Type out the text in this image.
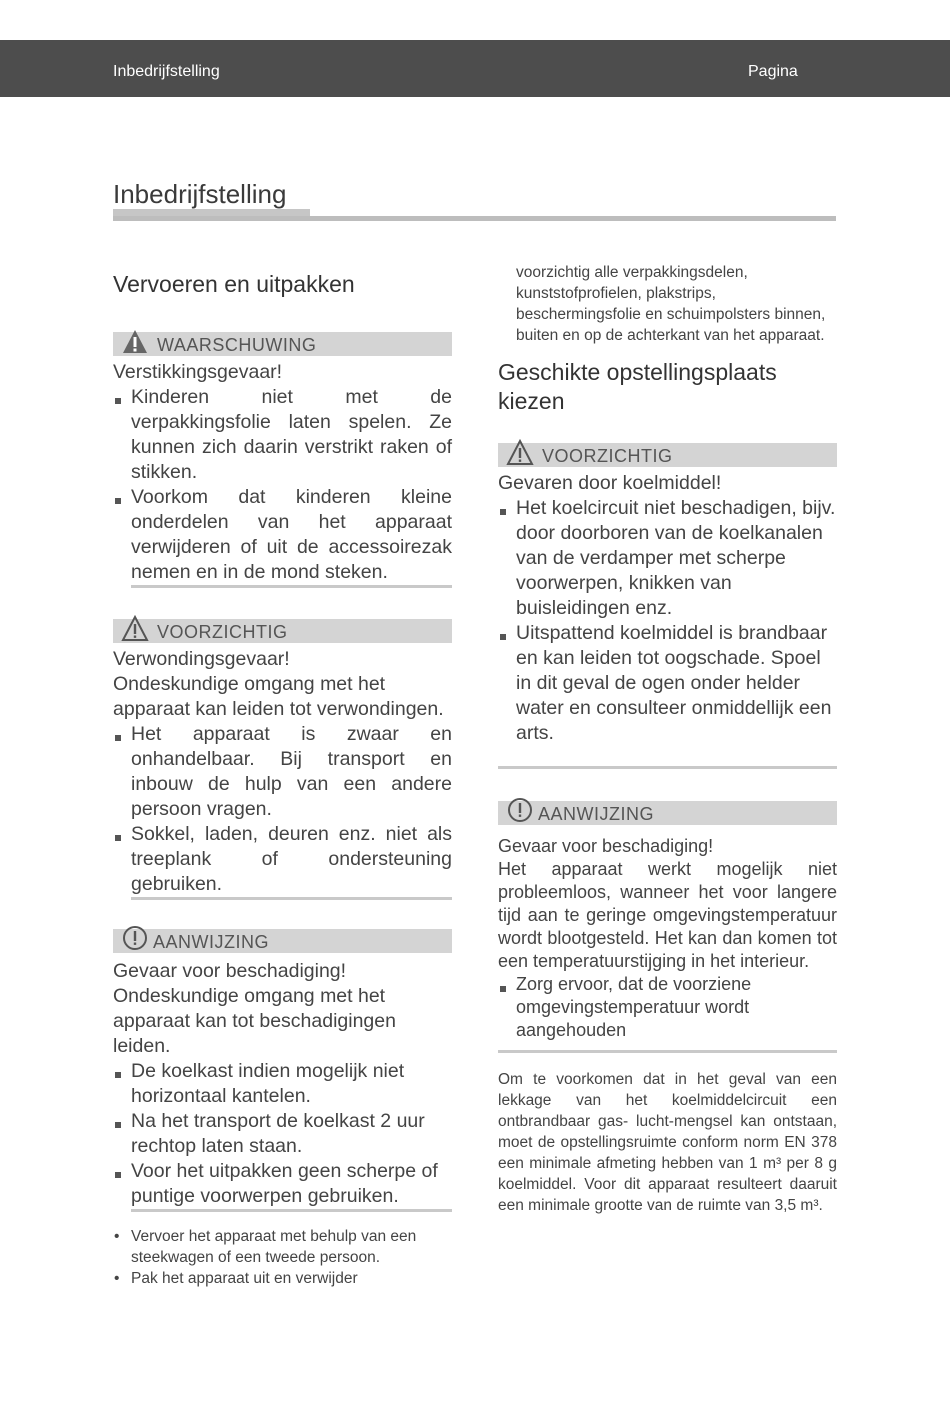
Inbedrijfstelling	Pagina
Inbedrijfstelling
Vervoeren en uitpakken
WAARSCHUWING
Verstikkingsgevaar!
Kinderen niet met de verpakkingsfolie laten spelen. Ze kunnen zich daarin verstrikt raken of stikken.
Voorkom dat kinderen kleine onderdelen van het apparaat verwijderen of uit de accessoirezak nemen en in de mond steken.
VOORZICHTIG
Verwondingsgevaar!
Ondeskundige omgang met het apparaat kan leiden tot verwondingen.
Het apparaat is zwaar en onhandelbaar. Bij transport en inbouw de hulp van een andere persoon vragen.
Sokkel, laden, deuren enz. niet als treeplank of ondersteuning gebruiken.
AANWIJZING
Gevaar voor beschadiging!
Ondeskundige omgang met het apparaat kan tot beschadigingen leiden.
De koelkast indien mogelijk niet horizontaal kantelen.
Na het transport de koelkast 2 uur rechtop laten staan.
Voor het uitpakken geen scherpe of puntige voorwerpen gebruiken.
• Vervoer het apparaat met behulp van een steekwagen of een tweede persoon.
• Pak het apparaat uit en verwijder
voorzichtig alle verpakkingsdelen, kunststofprofielen, plakstrips, beschermingsfolie en schuimpolsters binnen, buiten en op de achterkant van het apparaat.
Geschikte opstellingsplaats kiezen
VOORZICHTIG
Gevaren door koelmiddel!
Het koelcircuit niet beschadigen, bijv. door doorboren van de koelkanalen van de verdamper met scherpe voorwerpen, knikken van buisleidingen enz.
Uitspattend koelmiddel is brandbaar en kan leiden tot oogschade. Spoel in dit geval de ogen onder helder water en consulteer onmiddellijk een arts.
AANWIJZING
Gevaar voor beschadiging!
Het apparaat werkt mogelijk niet probleemloos, wanneer het voor langere tijd aan te geringe omgevingstemperatuur wordt blootgesteld. Het kan dan komen tot een temperatuurstijging in het interieur.
Zorg ervoor, dat de voorziene omgevingstemperatuur wordt aangehouden
Om te voorkomen dat in het geval van een lekkage van het koelmiddelcircuit een ontbrandbaar gas- lucht-mengsel kan ontstaan, moet de opstellingsruimte conform norm EN 378 een minimale afmeting hebben van 1 m³ per 8 g koelmiddel. Voor dit apparaat resulteert daaruit een minimale grootte van de ruimte van 3,5 m³.
